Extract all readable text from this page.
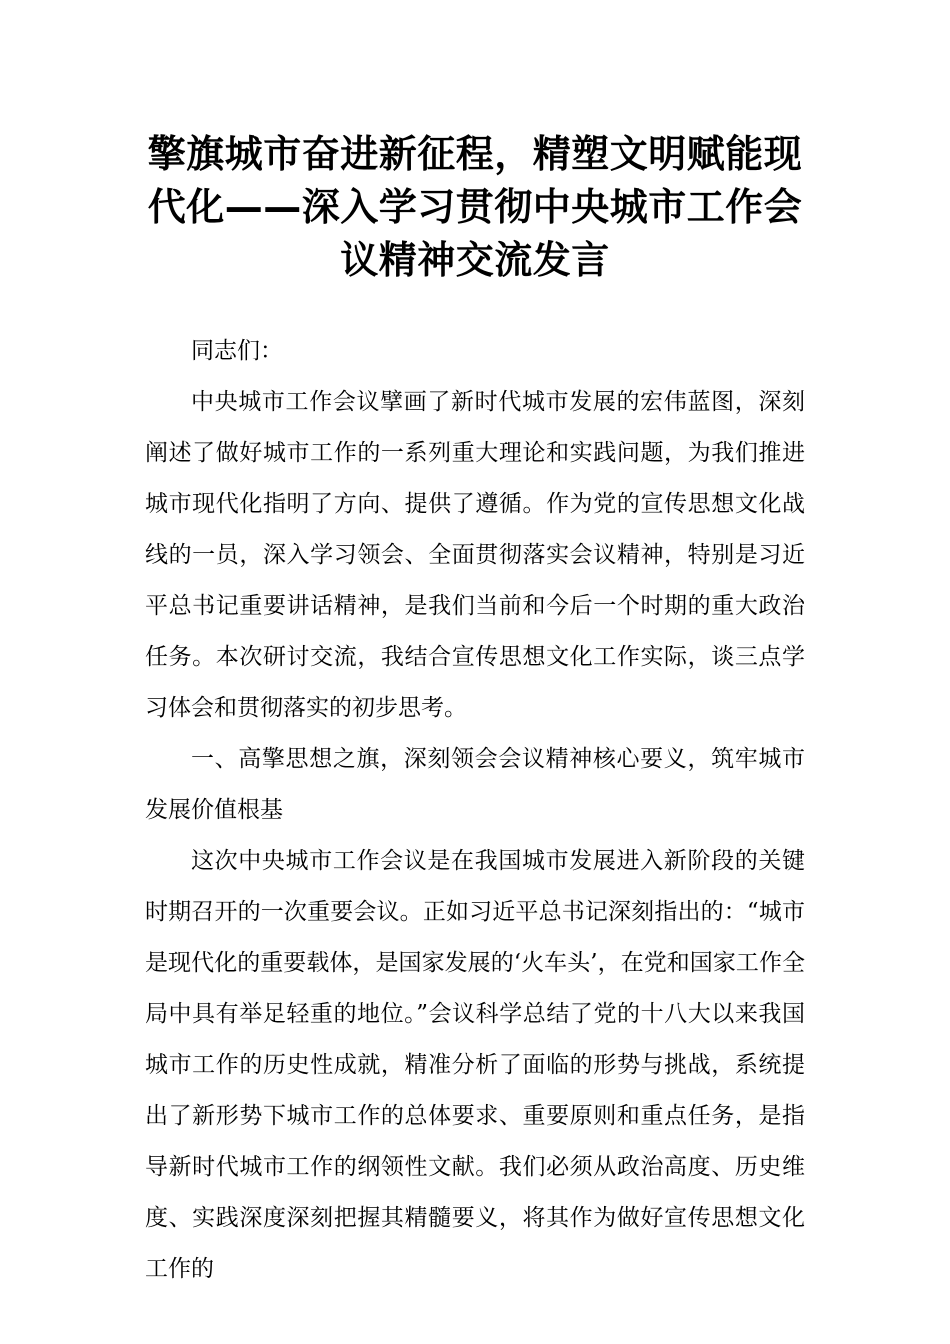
擎旗城市奋进新征程，精塑文明赋能现代化——深入学习贯彻中央城市工作会议精神交流发言

同志们：

中央城市工作会议擘画了新时代城市发展的宏伟蓝图，深刻阐述了做好城市工作的一系列重大理论和实践问题，为我们推进城市现代化指明了方向、提供了遵循。作为党的宣传思想文化战线的一员，深入学习领会、全面贯彻落实会议精神，特别是习近平总书记重要讲话精神，是我们当前和今后一个时期的重大政治任务。本次研讨交流，我结合宣传思想文化工作实际，谈三点学习体会和贯彻落实的初步思考。

一、高擎思想之旗，深刻领会会议精神核心要义，筑牢城市发展价值根基

这次中央城市工作会议是在我国城市发展进入新阶段的关键时期召开的一次重要会议。正如习近平总书记深刻指出的：“城市是现代化的重要载体，是国家发展的‘火车头’，在党和国家工作全局中具有举足轻重的地位。”会议科学总结了党的十八大以来我国城市工作的历史性成就，精准分析了面临的形势与挑战，系统提出了新形势下城市工作的总体要求、重要原则和重点任务，是指导新时代城市工作的纲领性文献。我们必须从政治高度、历史维度、实践深度深刻把握其精髓要义，将其作为做好宣传思想文化工作的
